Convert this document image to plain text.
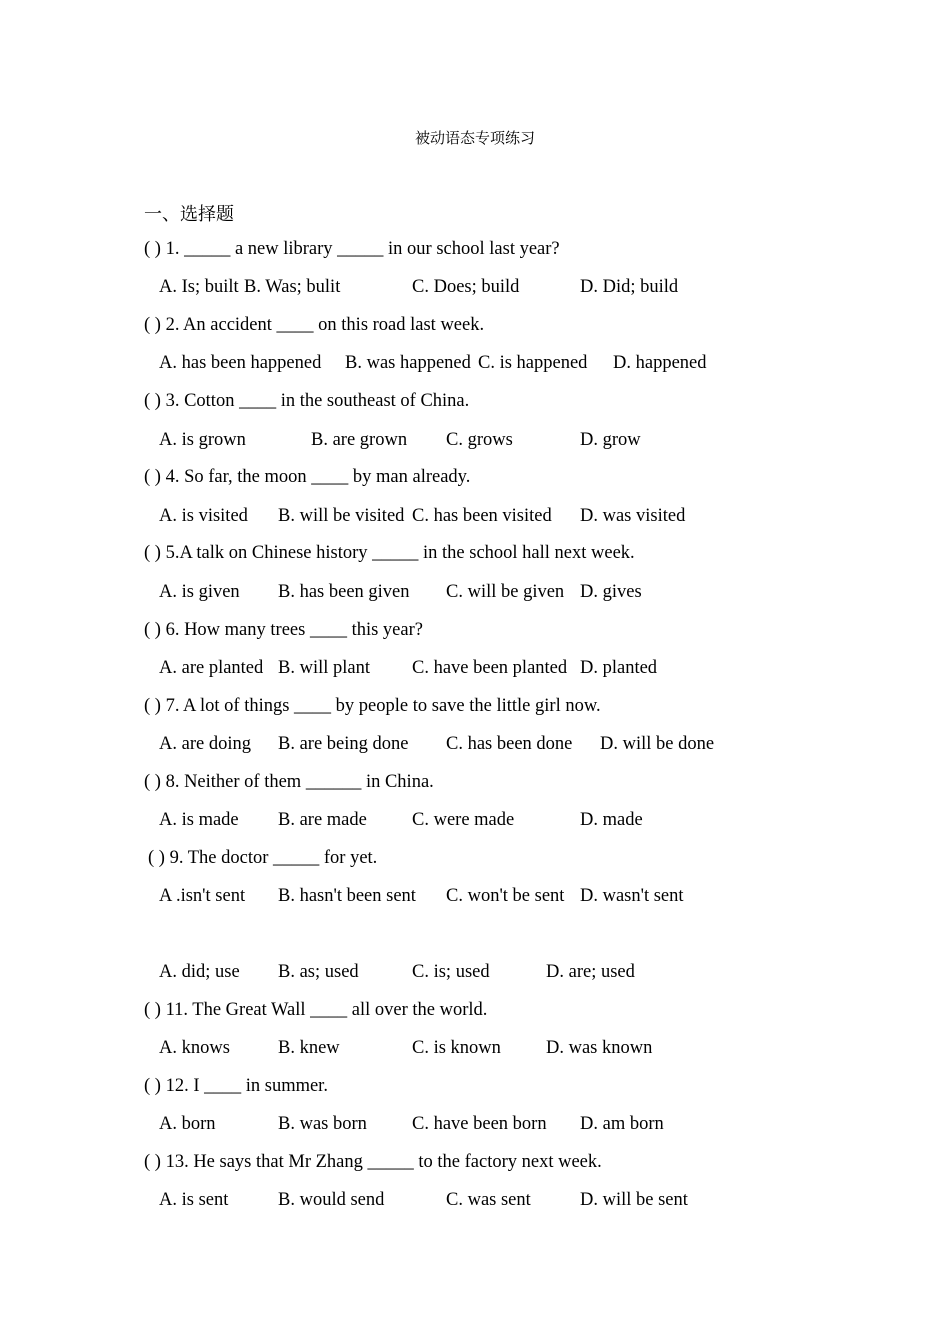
被动语态专项练习
一、选择题
( ) 1. _____ a new library _____ in our school last year?
A. Is; built B. Was; bulit	C. Does; build	D. Did; build
( ) 2. An accident ____ on this road last week.
A. has been happened B. was happened C. is happened D. happened
( ) 3. Cotton ____ in the southeast of China.
A. is grown	B. are grown C. grows	D. grow
( ) 4. So far, the moon ____ by man already.
A. is visited B. will be visited C. has been visited D. was visited
( ) 5.A talk on Chinese history _____ in the school hall next week.
A. is given B. has been given C. will be given D. gives
( ) 6. How many trees ____ this year?
A. are planted B. will plant C. have been planted D. planted
( ) 7. A lot of things ____ by people to save the little girl now.
A. are doing B. are being done C. has been done D. will be done
( ) 8. Neither of them ______ in China.
A. is made B. are made C. were made	D. made
( ) 9. The doctor _____ for yet.
A .isn't sent B. hasn't been sent C. won't be sent D. wasn't sent
A. did; use B. as; used	C. is; used	D. are; used
( ) 11. The Great Wall ____ all over the world.
A. knows	B. knew	C. is known D. was known
( ) 12. I ____ in summer.
A. born	B. was born C. have been born D. am born
( ) 13. He says that Mr Zhang _____ to the factory next week.
A. is sent	B. would send	C. was sent	D. will be sent
